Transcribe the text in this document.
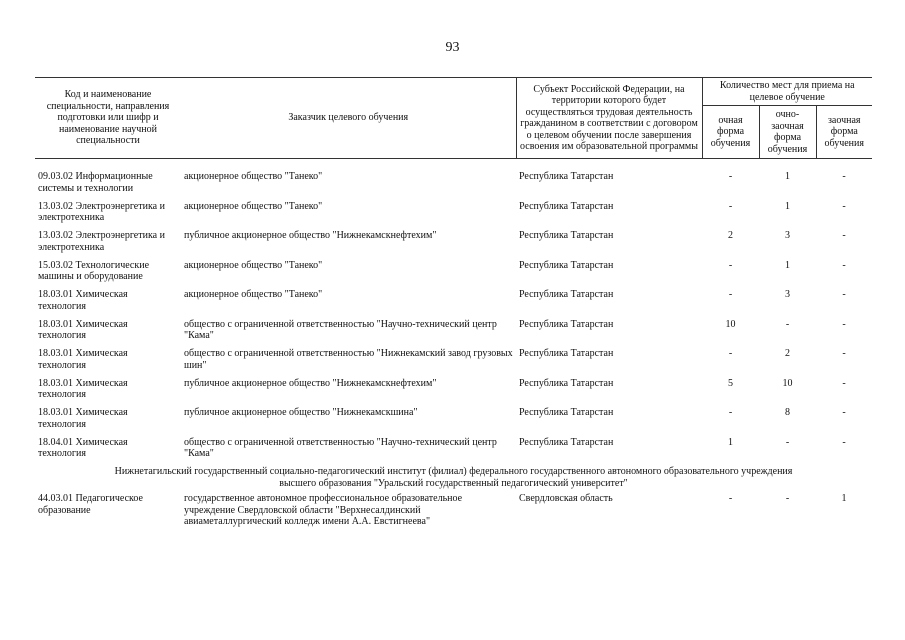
93
Код и наименование специальности, направления подготовки или шифр и наименование научной специальности	Заказчик целевого обучения	Субъект Российской Федерации, на территории которого будет осуществляться трудовая деятельность гражданином в соответствии с договором о целевом обучении после завершения освоения им образовательной программы	Количество мест для приема на целевое обучение		
			очная форма обучения	очно-заочная форма обучения	заочная форма обучения

09.03.02 Информационные системы и технологии	акционерное общество "Танеко"	Республика Татарстан	-	1	-
13.03.02 Электроэнергетика и электротехника	акционерное общество "Танеко"	Республика Татарстан	-	1	-
13.03.02 Электроэнергетика и электротехника	публичное акционерное общество "Нижнекамскнефтехим"	Республика Татарстан	2	3	-
15.03.02 Технологические машины и оборудование	акционерное общество "Танеко"	Республика Татарстан	-	1	-
18.03.01 Химическая технология	акционерное общество "Танеко"	Республика Татарстан	-	3	-
18.03.01 Химическая технология	общество с ограниченной ответственностью "Научно-технический центр "Кама"	Республика Татарстан	10	-	-
18.03.01 Химическая технология	общество с ограниченной ответственностью "Нижнекамский завод грузовых шин"	Республика Татарстан	-	2	-
18.03.01 Химическая технология	публичное акционерное общество "Нижнекамскнефтехим"	Республика Татарстан	5	10	-
18.03.01 Химическая технология	публичное акционерное общество "Нижнекамскшина"	Республика Татарстан	-	8	-
18.04.01 Химическая технология	общество с ограниченной ответственностью "Научно-технический центр "Кама"	Республика Татарстан	1	-	-
Нижнетагильский государственный социально-педагогический институт (филиал) федерального государственного автономного образовательного учреждения высшего образования "Уральский государственный педагогический университет"					
44.03.01 Педагогическое образование	государственное автономное профессиональное образовательное учреждение Свердловской области "Верхнесалдинский авиаметаллургический колледж имени А.А. Евстигнеева"	Свердловская область	-	-	1
